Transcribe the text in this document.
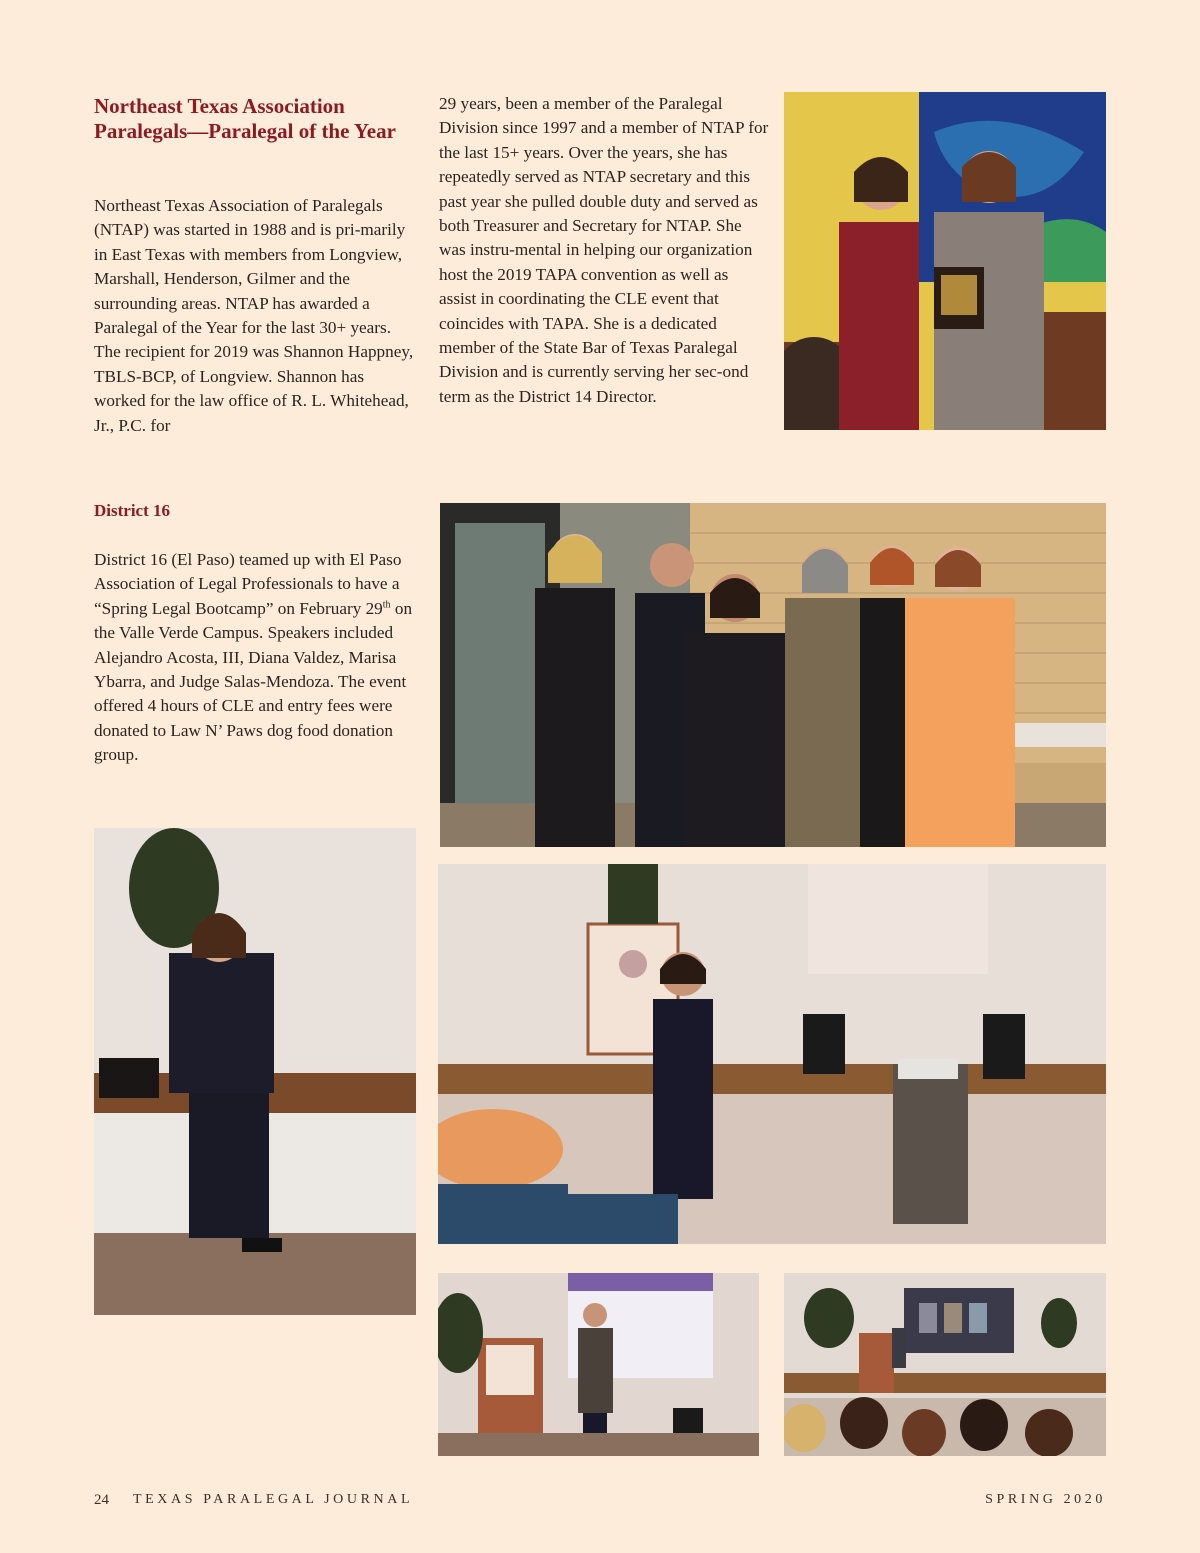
Northeast Texas Association Paralegals—Paralegal of the Year

Northeast Texas Association of Paralegals (NTAP) was started in 1988 and is pri-marily in East Texas with members from Longview, Marshall, Henderson, Gilmer and the surrounding areas. NTAP has awarded a Paralegal of the Year for the last 30+ years. The recipient for 2019 was Shannon Happney, TBLS-BCP, of Longview. Shannon has worked for the law office of R. L. Whitehead, Jr., P.C. for

29 years, been a member of the Paralegal Division since 1997 and a member of NTAP for the last 15+ years. Over the years, she has repeatedly served as NTAP secretary and this past year she pulled double duty and served as both Treasurer and Secretary for NTAP. She was instru-mental in helping our organization host the 2019 TAPA convention as well as assist in coordinating the CLE event that coincides with TAPA. She is a dedicated member of the State Bar of Texas Paralegal Division and is currently serving her sec-ond term as the District 14 Director.

District 16

District 16 (El Paso) teamed up with El Paso Association of Legal Professionals to have a “Spring Legal Bootcamp” on February 29th on the Valle Verde Campus. Speakers included Alejandro Acosta, III, Diana Valdez, Marisa Ybarra, and Judge Salas-Mendoza. The event offered 4 hours of CLE and entry fees were donated to Law N’ Paws dog food donation group.

24 TEXAS PARALEGAL JOURNAL	SPRING 2020
